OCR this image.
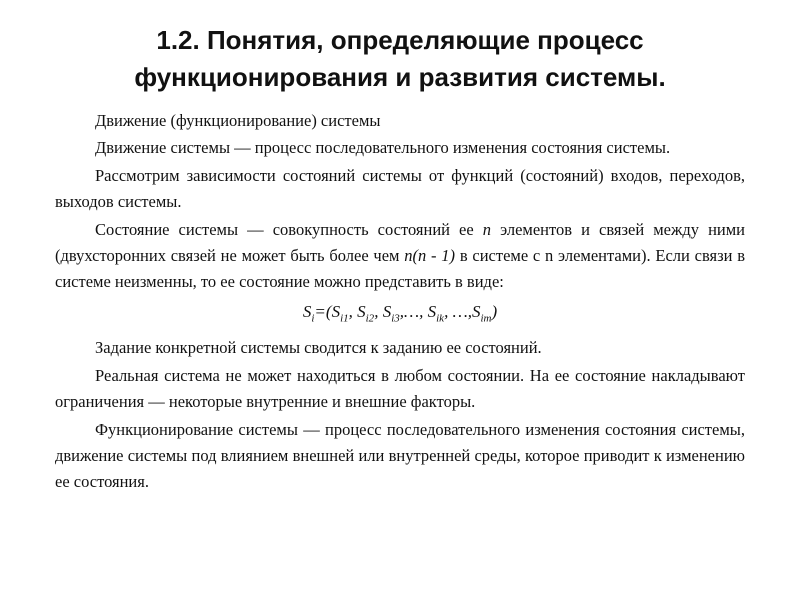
1.2. Понятия, определяющие процесс
функционирования и развития системы.

Движение (функционирование) системы

Движение системы — процесс последовательного изменения состояния системы.

Рассмотрим зависимости состояний системы от функций (состояний) входов, переходов, выходов системы.

Состояние системы — совокупность состояний ее n элементов и связей между ними (двухсторонних связей не может быть более чем n(n - 1) в системе с n элементами). Если связи в системе неизменны, то ее состояние можно представить в виде:

$S_i=(S_{i1}$, $S_{i2}$, $S_{i3},\dots$, $S_{ik}$, $\dots,S_{im}$)

Задание конкретной системы сводится к заданию ее состояний.

Реальная система не может находиться в любом состоянии. На ее состояние накладывают ограничения — некоторые внутренние и внешние факторы.

Функционирование системы — процесс последовательного изменения состояния системы, движение системы под влиянием внешней или внутренней среды, которое приводит к изменению ее состояния.
